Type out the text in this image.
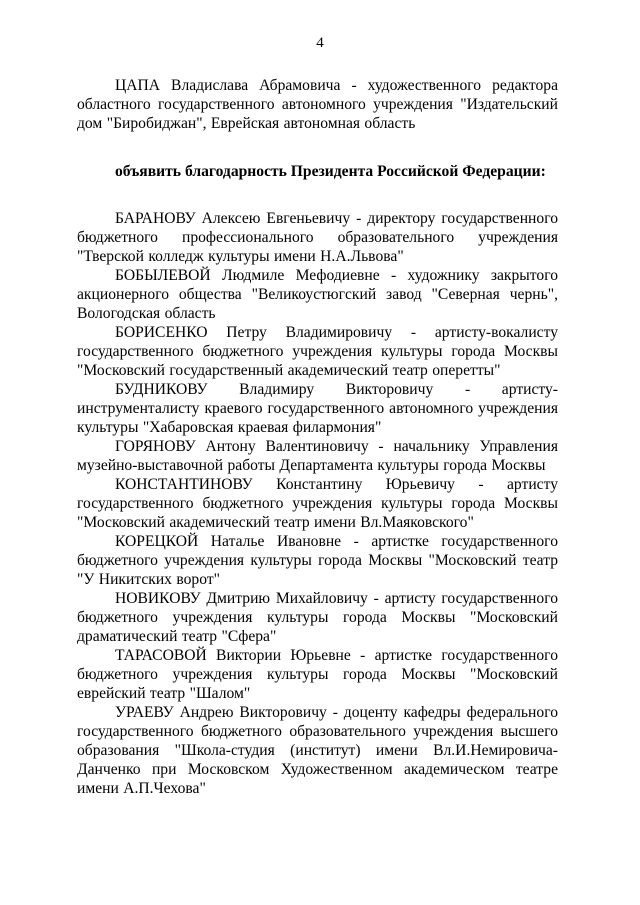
4

ЦАПА Владислава Абрамовича - художественного редактора областного государственного автономного учреждения "Издательский дом "Биробиджан", Еврейская автономная область

объявить благодарность Президента Российской Федерации:

БАРАНОВУ Алексею Евгеньевичу - директору государственного бюджетного профессионального образовательного учреждения "Тверской колледж культуры имени Н.А.Львова"

БОБЫЛЕВОЙ Людмиле Мефодиевне - художнику закрытого акционерного общества "Великоустюгский завод "Северная чернь", Вологодская область

БОРИСЕНКО Петру Владимировичу - артисту-вокалисту государственного бюджетного учреждения культуры города Москвы "Московский государственный академический театр оперетты"

БУДНИКОВУ Владимиру Викторовичу - артисту-инструменталисту краевого государственного автономного учреждения культуры "Хабаровская краевая филармония"

ГОРЯНОВУ Антону Валентиновичу - начальнику Управления музейно-выставочной работы Департамента культуры города Москвы

КОНСТАНТИНОВУ Константину Юрьевичу - артисту государственного бюджетного учреждения культуры города Москвы "Московский академический театр имени Вл.Маяковского"

КОРЕЦКОЙ Наталье Ивановне - артистке государственного бюджетного учреждения культуры города Москвы "Московский театр "У Никитских ворот"

НОВИКОВУ Дмитрию Михайловичу - артисту государственного бюджетного учреждения культуры города Москвы "Московский драматический театр "Сфера"

ТАРАСОВОЙ Виктории Юрьевне - артистке государственного бюджетного учреждения культуры города Москвы "Московский еврейский театр "Шалом"

УРАЕВУ Андрею Викторовичу - доценту кафедры федерального государственного бюджетного образовательного учреждения высшего образования "Школа-студия (институт) имени Вл.И.Немировича-Данченко при Московском Художественном академическом театре имени А.П.Чехова"
